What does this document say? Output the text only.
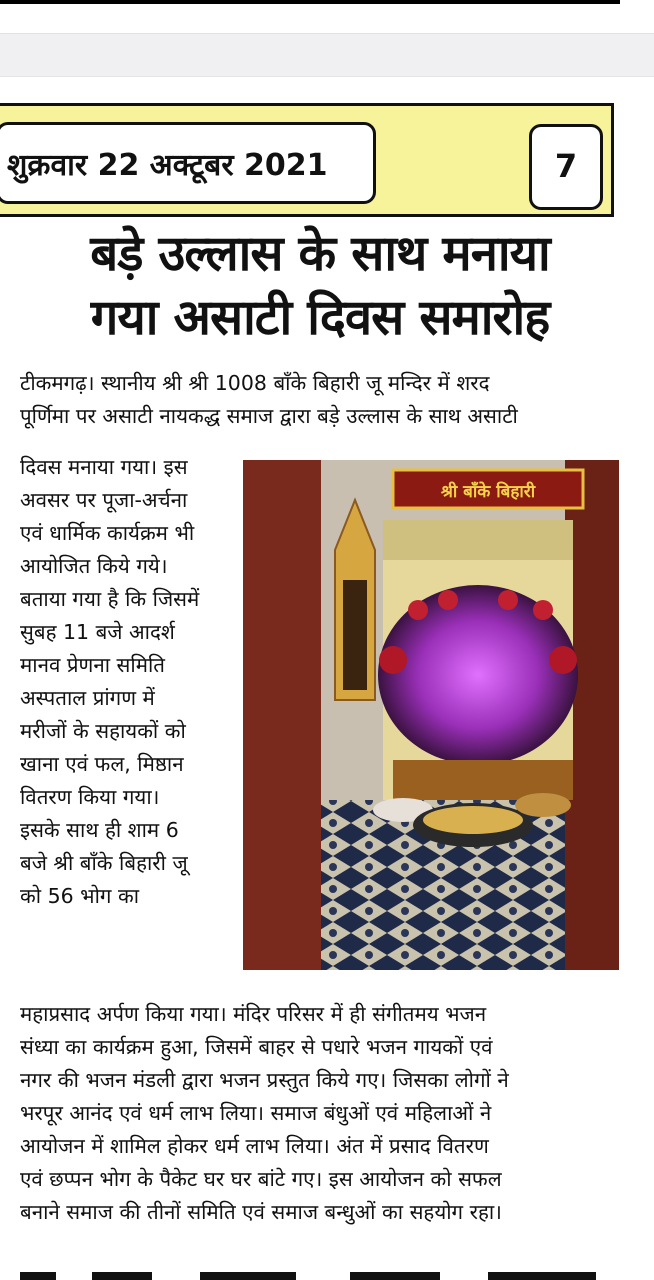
शुक्रवार 22 अक्टूबर 2021	7
बड़े उल्लास के साथ मनाया
गया असाटी दिवस समारोह
टीकमगढ़। स्थानीय श्री श्री 1008 बाँके बिहारी जू मन्दिर में शरद
पूर्णिमा पर असाटी नायकद्ध समाज द्वारा बड़े उल्लास के साथ असाटी
दिवस मनाया गया। इस
अवसर पर पूजा-अर्चना
एवं धार्मिक कार्यक्रम भी
आयोजित किये गये।
बताया गया है कि जिसमें
सुबह 11 बजे आदर्श
मानव प्रेणना समिति
अस्पताल प्रांगण में
मरीजों के सहायकों को
खाना एवं फल, मिष्ठान
वितरण किया गया।
इसके साथ ही शाम 6
बजे श्री बाँके बिहारी जू
को 56 भोग का
श्री बाँके बिहारी
महाप्रसाद अर्पण किया गया। मंदिर परिसर में ही संगीतमय भजन
संध्या का कार्यक्रम हुआ, जिसमें बाहर से पधारे भजन गायकों एवं
नगर की भजन मंडली द्वारा भजन प्रस्तुत किये गए। जिसका लोगों ने
भरपूर आनंद एवं धर्म लाभ लिया। समाज बंधुओं एवं महिलाओं ने
आयोजन में शामिल होकर धर्म लाभ लिया। अंत में प्रसाद वितरण
एवं छप्पन भोग के पैकेट घर घर बांटे गए। इस आयोजन को सफल
बनाने समाज की तीनों समिति एवं समाज बन्धुओं का सहयोग रहा।
